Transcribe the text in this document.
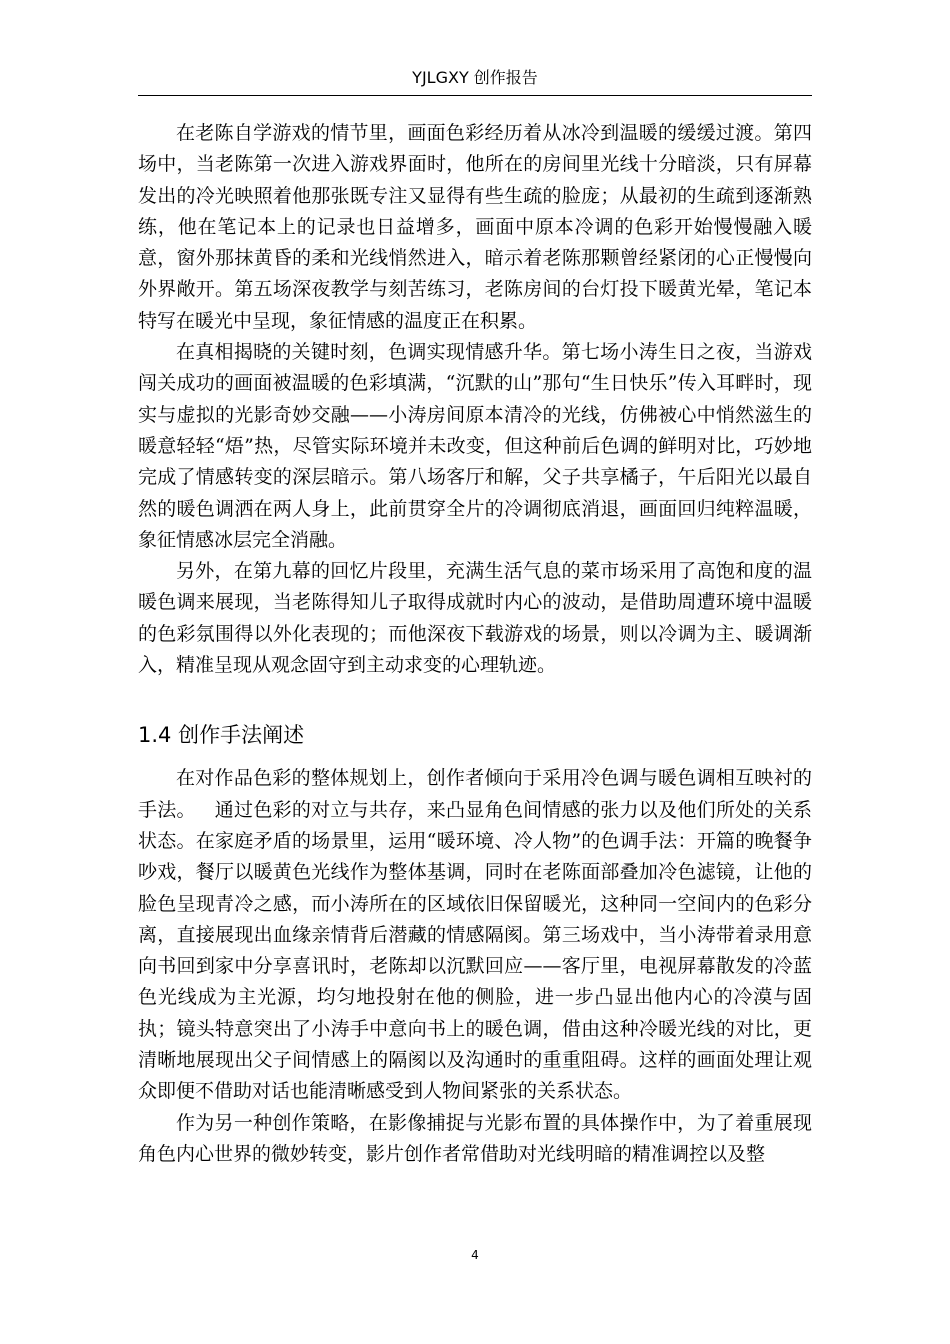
YJLGXY 创作报告

在老陈自学游戏的情节里，画面色彩经历着从冰冷到温暖的缓缓过渡。第四场中，当老陈第一次进入游戏界面时，他所在的房间里光线十分暗淡，只有屏幕发出的冷光映照着他那张既专注又显得有些生疏的脸庞；从最初的生疏到逐渐熟练，他在笔记本上的记录也日益增多，画面中原本冷调的色彩开始慢慢融入暖意，窗外那抹黄昏的柔和光线悄然进入，暗示着老陈那颗曾经紧闭的心正慢慢向外界敞开。第五场深夜教学与刻苦练习，老陈房间的台灯投下暖黄光晕，笔记本特写在暖光中呈现，象征情感的温度正在积累。

在真相揭晓的关键时刻，色调实现情感升华。第七场小涛生日之夜，当游戏闯关成功的画面被温暖的色彩填满，“沉默的山”那句“生日快乐”传入耳畔时，现实与虚拟的光影奇妙交融——小涛房间原本清冷的光线，仿佛被心中悄然滋生的暖意轻轻“焐”热，尽管实际环境并未改变，但这种前后色调的鲜明对比，巧妙地完成了情感转变的深层暗示。第八场客厅和解，父子共享橘子，午后阳光以最自然的暖色调洒在两人身上，此前贯穿全片的冷调彻底消退，画面回归纯粹温暖，象征情感冰层完全消融。

另外，在第九幕的回忆片段里，充满生活气息的菜市场采用了高饱和度的温暖色调来展现，当老陈得知儿子取得成就时内心的波动，是借助周遭环境中温暖的色彩氛围得以外化表现的；而他深夜下载游戏的场景，则以冷调为主、暖调渐入，精准呈现从观念固守到主动求变的心理轨迹。

1.4 创作手法阐述

在对作品色彩的整体规划上，创作者倾向于采用冷色调与暖色调相互映衬的手法。   通过色彩的对立与共存，来凸显角色间情感的张力以及他们所处的关系状态。在家庭矛盾的场景里，运用“暖环境、冷人物”的色调手法：开篇的晚餐争吵戏，餐厅以暖黄色光线作为整体基调，同时在老陈面部叠加冷色滤镜，让他的脸色呈现青冷之感，而小涛所在的区域依旧保留暖光，这种同一空间内的色彩分离，直接展现出血缘亲情背后潜藏的情感隔阂。第三场戏中，当小涛带着录用意向书回到家中分享喜讯时，老陈却以沉默回应——客厅里，电视屏幕散发的冷蓝色光线成为主光源，均匀地投射在他的侧脸，进一步凸显出他内心的冷漠与固执；镜头特意突出了小涛手中意向书上的暖色调，借由这种冷暖光线的对比，更清晰地展现出父子间情感上的隔阂以及沟通时的重重阻碍。这样的画面处理让观众即便不借助对话也能清晰感受到人物间紧张的关系状态。

作为另一种创作策略，在影像捕捉与光影布置的具体操作中，为了着重展现角色内心世界的微妙转变，影片创作者常借助对光线明暗的精准调控以及整

4
